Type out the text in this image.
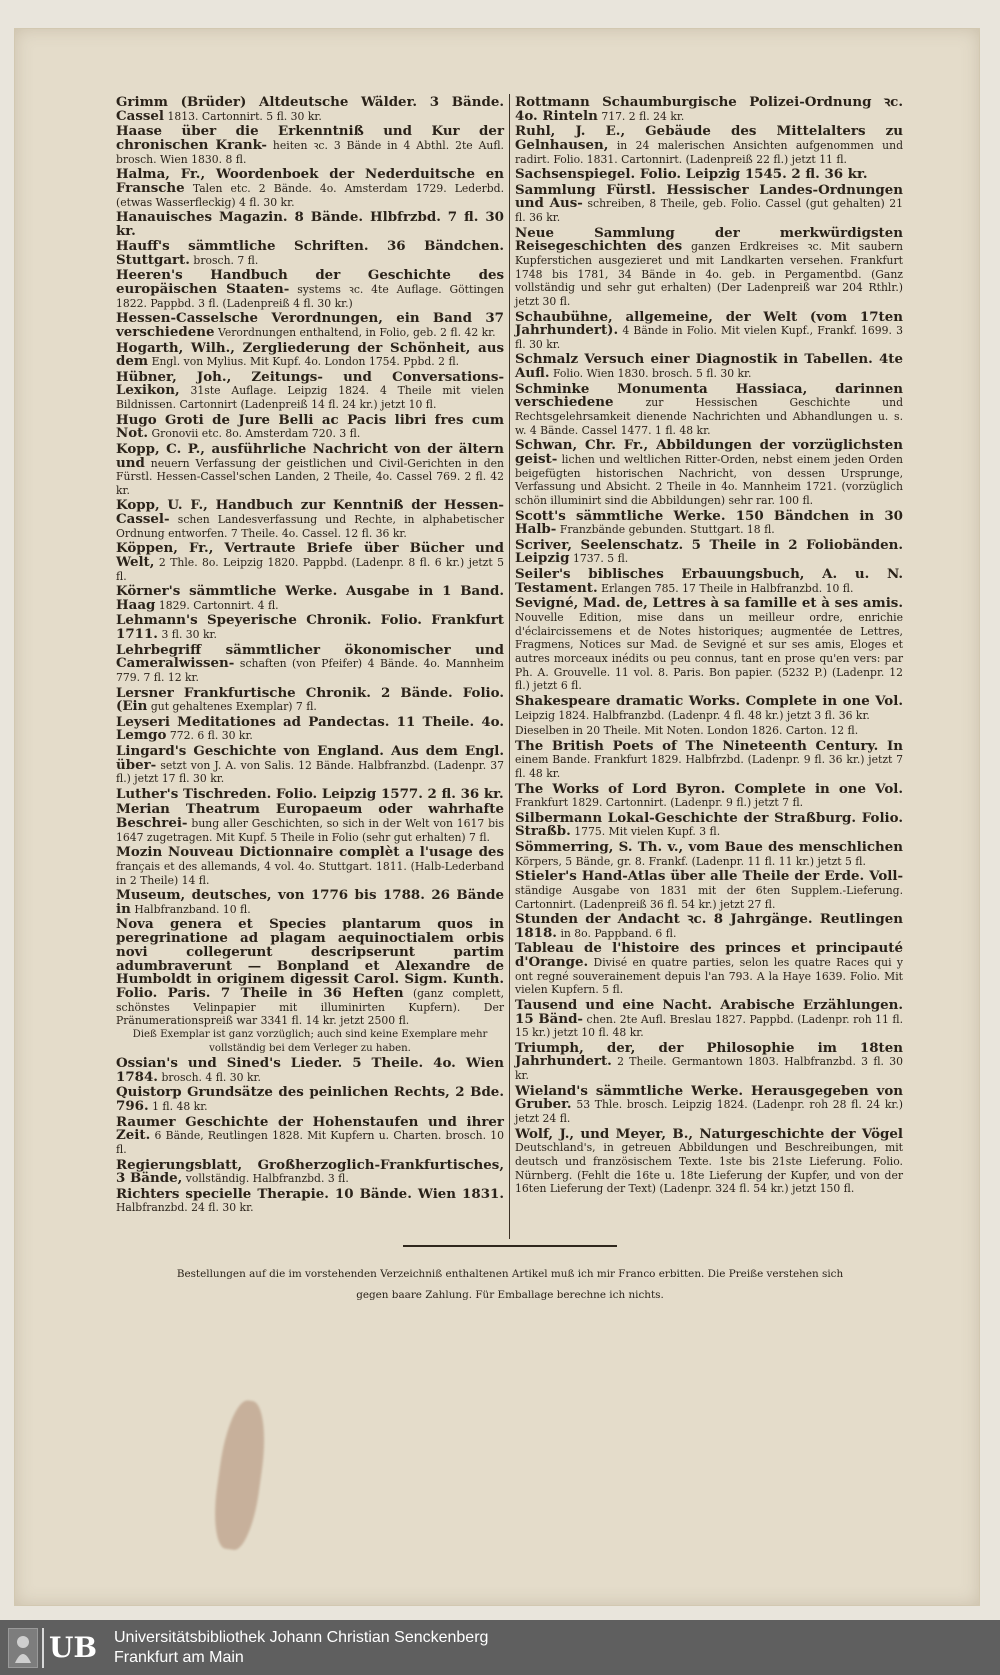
Grimm (Brüder) Altdeutsche Wälder. 3 Bände. Cassel 1813. Cartonnirt. 5 fl. 30 kr.
Haase über die Erkenntniß und Kur der chronischen Krank- heiten ꝛc. 3 Bände in 4 Abthl. 2te Aufl. brosch. Wien 1830. 8 fl.
Halma, Fr., Woordenboek der Nederduitsche en Fransche Talen etc. 2 Bände. 4o. Amsterdam 1729. Lederbd. (etwas Wasserfleckig) 4 fl. 30 kr.
Hanauisches Magazin. 8 Bände. Hlbfrzbd. 7 fl. 30 kr.
Hauff's sämmtliche Schriften. 36 Bändchen. Stuttgart. brosch. 7 fl.
Heeren's Handbuch der Geschichte des europäischen Staaten- systems ꝛc. 4te Auflage. Göttingen 1822. Pappbd. 3 fl. (Ladenpreiß 4 fl. 30 kr.)
Hessen-Casselsche Verordnungen, ein Band 37 verschiedene Verordnungen enthaltend, in Folio, geb. 2 fl. 42 kr.
Hogarth, Wilh., Zergliederung der Schönheit, aus dem Engl. von Mylius. Mit Kupf. 4o. London 1754. Ppbd. 2 fl.
Hübner, Joh., Zeitungs- und Conversations-Lexikon, 31ste Auflage. Leipzig 1824. 4 Theile mit vielen Bildnissen. Cartonnirt (Ladenpreiß 14 fl. 24 kr.) jetzt 10 fl.
Hugo Groti de Jure Belli ac Pacis libri fres cum Not. Gronovii etc. 8o. Amsterdam 720. 3 fl.
Kopp, C. P., ausführliche Nachricht von der ältern und neuern Verfassung der geistlichen und Civil-Gerichten in den Fürstl. Hessen-Cassel'schen Landen, 2 Theile, 4o. Cassel 769. 2 fl. 42 kr.
Kopp, U. F., Handbuch zur Kenntniß der Hessen-Cassel- schen Landesverfassung und Rechte, in alphabetischer Ordnung entworfen. 7 Theile. 4o. Cassel. 12 fl. 36 kr.
Köppen, Fr., Vertraute Briefe über Bücher und Welt, 2 Thle. 8o. Leipzig 1820. Pappbd. (Ladenpr. 8 fl. 6 kr.) jetzt 5 fl.
Körner's sämmtliche Werke. Ausgabe in 1 Band. Haag 1829. Cartonnirt. 4 fl.
Lehmann's Speyerische Chronik. Folio. Frankfurt 1711. 3 fl. 30 kr.
Lehrbegriff sämmtlicher ökonomischer und Cameralwissen- schaften (von Pfeifer) 4 Bände. 4o. Mannheim 779. 7 fl. 12 kr.
Lersner Frankfurtische Chronik. 2 Bände. Folio. (Ein gut gehaltenes Exemplar) 7 fl.
Leyseri Meditationes ad Pandectas. 11 Theile. 4o. Lemgo 772. 6 fl. 30 kr.
Lingard's Geschichte von England. Aus dem Engl. über- setzt von J. A. von Salis. 12 Bände. Halbfranzbd. (Ladenpr. 37 fl.) jetzt 17 fl. 30 kr.
Luther's Tischreden. Folio. Leipzig 1577. 2 fl. 36 kr.
Merian Theatrum Europaeum oder wahrhafte Beschrei- bung aller Geschichten, so sich in der Welt von 1617 bis 1647 zugetragen. Mit Kupf. 5 Theile in Folio (sehr gut erhalten) 7 fl.
Mozin Nouveau Dictionnaire complèt a l'usage des français et des allemands, 4 vol. 4o. Stuttgart. 1811. (Halb-Lederband in 2 Theile) 14 fl.
Museum, deutsches, von 1776 bis 1788. 26 Bände in Halbfranzband. 10 fl.
Nova genera et Species plantarum quos in peregrinatione ad plagam aequinoctialem orbis novi collegerunt descripserunt partim adumbraverunt — Bonpland et Alexandre de Humboldt in originem digessit Carol. Sigm. Kunth. Folio. Paris. 7 Theile in 36 Heften (ganz complett, schönstes Velinpapier mit illuminirten Kupfern). Der Pränumerationspreiß war 3341 fl. 14 kr. jetzt 2500 fl.
Dieß Exemplar ist ganz vorzüglich; auch sind keine Exemplare mehr vollständig bei dem Verleger zu haben.
Ossian's und Sined's Lieder. 5 Theile. 4o. Wien 1784. brosch. 4 fl. 30 kr.
Quistorp Grundsätze des peinlichen Rechts, 2 Bde. 796. 1 fl. 48 kr.
Raumer Geschichte der Hohenstaufen und ihrer Zeit. 6 Bände, Reutlingen 1828. Mit Kupfern u. Charten. brosch. 10 fl.
Regierungsblatt, Großherzoglich-Frankfurtisches, 3 Bände, vollständig. Halbfranzbd. 3 fl.
Richters specielle Therapie. 10 Bände. Wien 1831. Halbfranzbd. 24 fl. 30 kr.
Rottmann Schaumburgische Polizei-Ordnung ꝛc. 4o. Rinteln 717. 2 fl. 24 kr.
Ruhl, J. E., Gebäude des Mittelalters zu Gelnhausen, in 24 malerischen Ansichten aufgenommen und radirt. Folio. 1831. Cartonnirt. (Ladenpreiß 22 fl.) jetzt 11 fl.
Sachsenspiegel. Folio. Leipzig 1545. 2 fl. 36 kr.
Sammlung Fürstl. Hessischer Landes-Ordnungen und Aus- schreiben, 8 Theile, geb. Folio. Cassel (gut gehalten) 21 fl. 36 kr.
Neue Sammlung der merkwürdigsten Reisegeschichten des ganzen Erdkreises ꝛc. Mit saubern Kupferstichen ausgezieret und mit Landkarten versehen. Frankfurt 1748 bis 1781, 34 Bände in 4o. geb. in Pergamentbd. (Ganz vollständig und sehr gut erhalten) (Der Ladenpreiß war 204 Rthlr.) jetzt 30 fl.
Schaubühne, allgemeine, der Welt (vom 17ten Jahrhundert). 4 Bände in Folio. Mit vielen Kupf., Frankf. 1699. 3 fl. 30 kr.
Schmalz Versuch einer Diagnostik in Tabellen. 4te Aufl. Folio. Wien 1830. brosch. 5 fl. 30 kr.
Schminke Monumenta Hassiaca, darinnen verschiedene	zur Hessischen Geschichte und Rechtsgelehrsamkeit dienende Nachrichten und Abhandlungen u. s. w. 4 Bände. Cassel 1477. 1 fl. 48 kr.
Schwan, Chr. Fr., Abbildungen der vorzüglichsten geist- lichen und weltlichen Ritter-Orden, nebst einem jeden Orden beigefügten historischen Nachricht, von dessen Ursprunge, Verfassung und Absicht. 2 Theile in 4o. Mannheim 1721. (vorzüglich schön illuminirt sind die Abbildungen) sehr rar. 100 fl.
Scott's sämmtliche Werke. 150 Bändchen in 30 Halb- Franzbände gebunden. Stuttgart. 18 fl.
Scriver, Seelenschatz. 5 Theile in 2 Foliobänden. Leipzig 1737. 5 fl.
Seiler's biblisches Erbauungsbuch, A. u. N. Testament. Erlangen 785. 17 Theile in Halbfranzbd. 10 fl.
Sevigné, Mad. de, Lettres à sa famille et à ses amis. Nouvelle Edition, mise dans un meilleur ordre, enrichie d'éclaircissemens et de Notes historiques; augmentée de Lettres, Fragmens, Notices sur Mad. de Sevigné et sur ses amis, Eloges et autres morceaux inédits ou peu connus, tant en prose qu'en vers: par Ph. A. Grouvelle. 11 vol. 8. Paris. Bon papier. (5232 P.) (Ladenpr. 12 fl.) jetzt 6 fl.
Shakespeare dramatic Works. Complete in one Vol. Leipzig 1824. Halbfranzbd. (Ladenpr. 4 fl. 48 kr.) jetzt 3 fl. 36 kr.
Dieselben in 20 Theile. Mit Noten. London 1826. Carton. 12 fl.
The British Poets of The Nineteenth Century. In einem Bande. Frankfurt 1829. Halbfrzbd. (Ladenpr. 9 fl. 36 kr.) jetzt 7 fl. 48 kr.
The Works of Lord Byron. Complete in one Vol. Frankfurt 1829. Cartonnirt. (Ladenpr. 9 fl.) jetzt 7 fl.
Silbermann Lokal-Geschichte der Straßburg. Folio. Straßb. 1775. Mit vielen Kupf. 3 fl.
Sömmerring, S. Th. v., vom Baue des menschlichen Körpers, 5 Bände, gr. 8. Frankf. (Ladenpr. 11 fl. 11 kr.) jetzt 5 fl.
Stieler's Hand-Atlas über alle Theile der Erde. Voll- ständige Ausgabe von 1831 mit der 6ten Supplem.-Lieferung. Cartonnirt. (Ladenpreiß 36 fl. 54 kr.) jetzt 27 fl.
Stunden der Andacht ꝛc. 8 Jahrgänge. Reutlingen 1818. in 8o. Pappband. 6 fl.
Tableau de l'histoire des princes et principauté d'Orange. Divisé en quatre parties, selon les quatre Races qui y ont regné souverainement depuis l'an 793. A la Haye 1639. Folio. Mit vielen Kupfern. 5 fl.
Tausend und eine Nacht. Arabische Erzählungen. 15 Bänd- chen. 2te Aufl. Breslau 1827. Pappbd. (Ladenpr. roh 11 fl. 15 kr.) jetzt 10 fl. 48 kr.
Triumph, der, der Philosophie im 18ten Jahrhundert. 2 Theile. Germantown 1803. Halbfranzbd. 3 fl. 30 kr.
Wieland's sämmtliche Werke. Herausgegeben von Gruber. 53 Thle. brosch. Leipzig 1824. (Ladenpr. roh 28 fl. 24 kr.) jetzt 24 fl.
Wolf, J., und Meyer, B., Naturgeschichte der Vögel Deutschland's, in getreuen Abbildungen und Beschreibungen, mit deutsch und französischem Texte. 1ste bis 21ste Lieferung. Folio. Nürnberg. (Fehlt die 16te u. 18te Lieferung der Kupfer, und von der 16ten Lieferung der Text) (Ladenpr. 324 fl. 54 kr.) jetzt 150 fl.
Bestellungen auf die im vorstehenden Verzeichniß enthaltenen Artikel muß ich mir Franco erbitten. Die Preiße verstehen sich
gegen baare Zahlung. Für Emballage berechne ich nichts.
UB	Universitätsbibliothek Johann Christian Senckenberg
Frankfurt am Main
